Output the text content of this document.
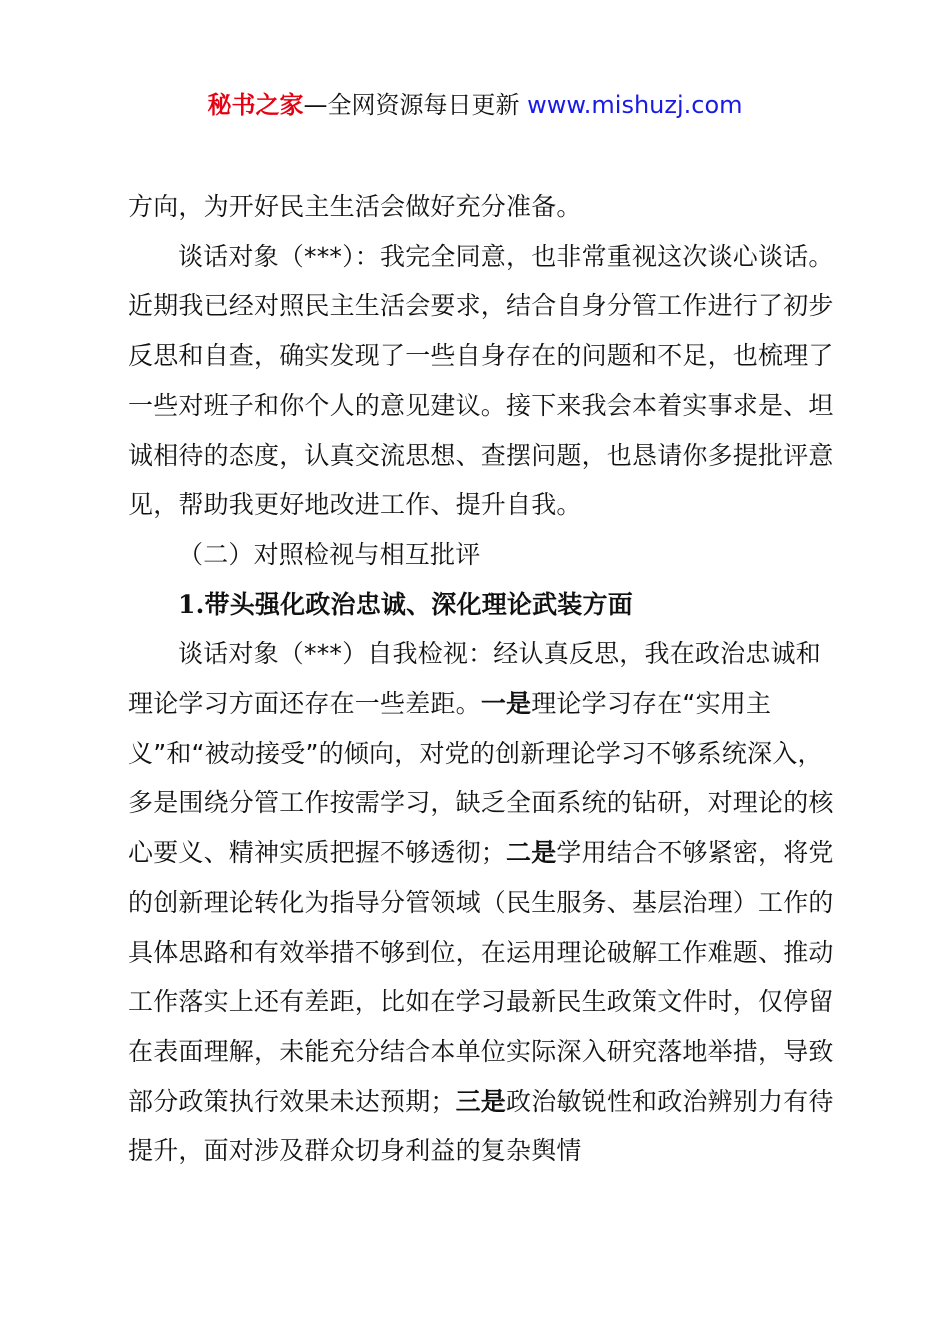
秘书之家—全网资源每日更新 www.mishuzj.com

方向，为开好民主生活会做好充分准备。

谈话对象（***）：我完全同意，也非常重视这次谈心谈话。近期我已经对照民主生活会要求，结合自身分管工作进行了初步反思和自查，确实发现了一些自身存在的问题和不足，也梳理了一些对班子和你个人的意见建议。接下来我会本着实事求是、坦诚相待的态度，认真交流思想、查摆问题，也恳请你多提批评意见，帮助我更好地改进工作、提升自我。

（二）对照检视与相互批评

1.带头强化政治忠诚、深化理论武装方面

谈话对象（***）自我检视：经认真反思，我在政治忠诚和理论学习方面还存在一些差距。一是理论学习存在“实用主义”和“被动接受”的倾向，对党的创新理论学习不够系统深入，多是围绕分管工作按需学习，缺乏全面系统的钻研，对理论的核心要义、精神实质把握不够透彻；二是学用结合不够紧密，将党的创新理论转化为指导分管领域（民生服务、基层治理）工作的具体思路和有效举措不够到位，在运用理论破解工作难题、推动工作落实上还有差距，比如在学习最新民生政策文件时，仅停留在表面理解，未能充分结合本单位实际深入研究落地举措，导致部分政策执行效果未达预期；三是政治敏锐性和政治辨别力有待提升，面对涉及群众切身利益的复杂舆情
